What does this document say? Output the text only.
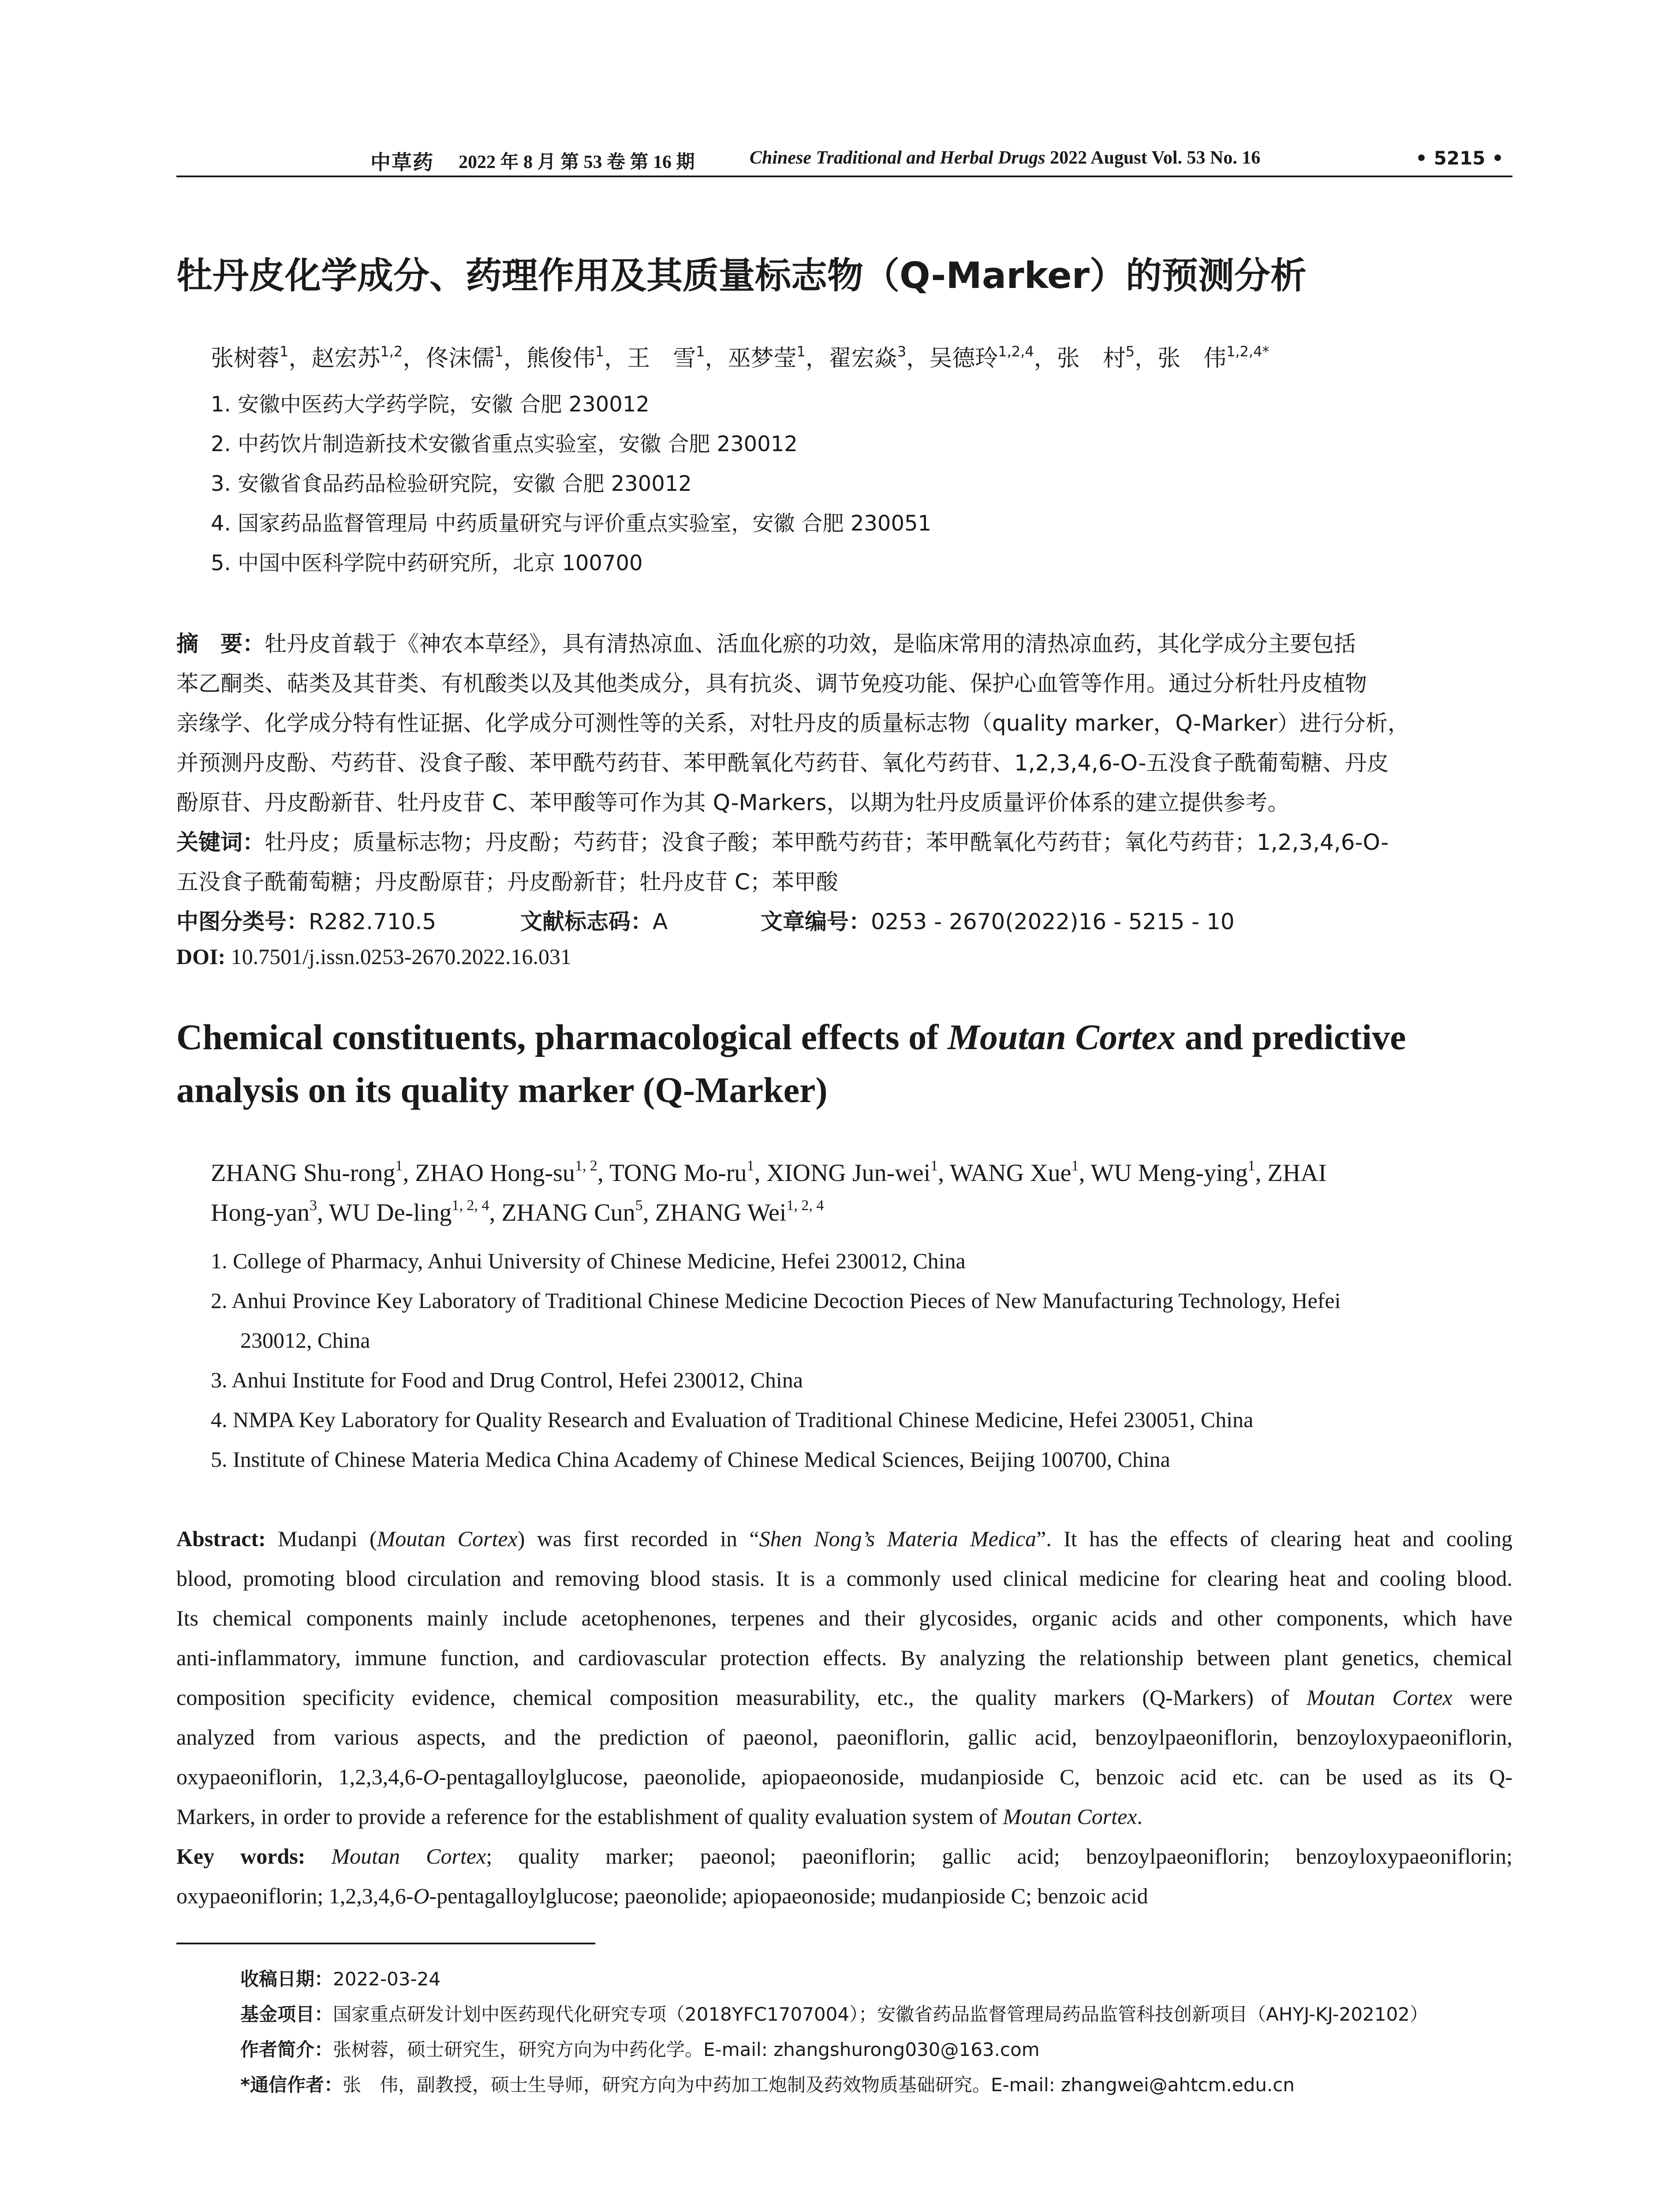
中草药 2022 年 8 月 第 53 卷 第 16 期	Chinese Traditional and Herbal Drugs 2022 August Vol. 53 No. 16	• 5215 •
牡丹皮化学成分、药理作用及其质量标志物（Q-Marker）的预测分析
张树蓉$^1$，赵宏苏$^{1,2}$，佟沫儒$^1$，熊俊伟$^1$，王　雪$^1$，巫梦莹$^1$，翟宏焱$^3$，吴德玲$^{1,2,4}$，张　村$^5$，张　伟$^{1,2,4*}$
1. 安徽中医药大学药学院，安徽 合肥 230012
2. 中药饮片制造新技术安徽省重点实验室，安徽 合肥 230012
3. 安徽省食品药品检验研究院，安徽 合肥 230012
4. 国家药品监督管理局 中药质量研究与评价重点实验室，安徽 合肥 230051
5. 中国中医科学院中药研究所，北京 100700
摘　要：牡丹皮首载于《神农本草经》，具有清热凉血、活血化瘀的功效，是临床常用的清热凉血药，其化学成分主要包括
苯乙酮类、萜类及其苷类、有机酸类以及其他类成分，具有抗炎、调节免疫功能、保护心血管等作用。通过分析牡丹皮植物
亲缘学、化学成分特有性证据、化学成分可测性等的关系，对牡丹皮的质量标志物（quality marker，Q-Marker）进行分析，
并预测丹皮酚、芍药苷、没食子酸、苯甲酰芍药苷、苯甲酰氧化芍药苷、氧化芍药苷、1,2,3,4,6-O-五没食子酰葡萄糖、丹皮
酚原苷、丹皮酚新苷、牡丹皮苷 C、苯甲酸等可作为其 Q-Markers，以期为牡丹皮质量评价体系的建立提供参考。
关键词：牡丹皮；质量标志物；丹皮酚；芍药苷；没食子酸；苯甲酰芍药苷；苯甲酰氧化芍药苷；氧化芍药苷；1,2,3,4,6-O-
五没食子酰葡萄糖；丹皮酚原苷；丹皮酚新苷；牡丹皮苷 C；苯甲酸
中图分类号：R282.710.5	文献标志码：A	文章编号：0253 - 2670(2022)16 - 5215 - 10
DOI: 10.7501/j.issn.0253-2670.2022.16.031
Chemical constituents, pharmacological effects of Moutan Cortex and predictive
analysis on its quality marker (Q-Marker)
ZHANG Shu-rong$^1$, ZHAO Hong-su$^{1, 2}$, TONG $Mo-ru^1$, XIONG Jun-wei$^1$, WANG Xue$^1$, WU Meng-ying$^1$, ZHAI
Hong-yan$^3$, WU De-ling$^{1, 2, 4}$, ZHANG Cun$^5$, ZHANG Wei$^{1, 2, 4}$
1. College of Pharmacy, Anhui University of Chinese Medicine, Hefei 230012, China
2. Anhui Province Key Laboratory of Traditional Chinese Medicine Decoction Pieces of New Manufacturing Technology, Hefei
230012, China
3. Anhui Institute for Food and Drug Control, Hefei 230012, China
4. NMPA Key Laboratory for Quality Research and Evaluation of Traditional Chinese Medicine, Hefei 230051, China
5. Institute of Chinese Materia Medica China Academy of Chinese Medical Sciences, Beijing 100700, China
Abstract: Mudanpi (Moutan Cortex) was first recorded in “Shen Nong’s Materia Medica”. It has the effects of clearing heat and cooling
blood, promoting blood circulation and removing blood stasis. It is a commonly used clinical medicine for clearing heat and cooling blood.
Its chemical components mainly include acetophenones, terpenes and their glycosides, organic acids and other components, which have
anti-inflammatory, immune function, and cardiovascular protection effects. By analyzing the relationship between plant genetics, chemical
composition specificity evidence, chemical composition measurability, etc., the quality markers (Q-Markers) of Moutan Cortex were
analyzed from various aspects, and the prediction of paeonol, paeoniflorin, gallic acid, benzoylpaeoniflorin, benzoyloxypaeoniflorin,
oxypaeoniflorin, 1,2,3,4,6-O-pentagalloylglucose, paeonolide, apiopaeonoside, mudanpioside C, benzoic acid etc. can be used as its Q-
Markers, in order to provide a reference for the establishment of quality evaluation system of Moutan Cortex.
Key words: Moutan Cortex; quality marker; paeonol; paeoniflorin; gallic acid; benzoylpaeoniflorin; benzoyloxypaeoniflorin;
oxypaeoniflorin; 1,2,3,4,6-O-pentagalloylglucose; paeonolide; apiopaeonoside; mudanpioside C; benzoic acid
收稿日期：2022-03-24
基金项目：国家重点研发计划中医药现代化研究专项（2018YFC1707004）；安徽省药品监督管理局药品监管科技创新项目（AHYJ-KJ-202102）
作者简介：张树蓉，硕士研究生，研究方向为中药化学。E-mail: zhangshurong030@163.com
*通信作者：张　伟，副教授，硕士生导师，研究方向为中药加工炮制及药效物质基础研究。E-mail: zhangwei@ahtcm.edu.cn
